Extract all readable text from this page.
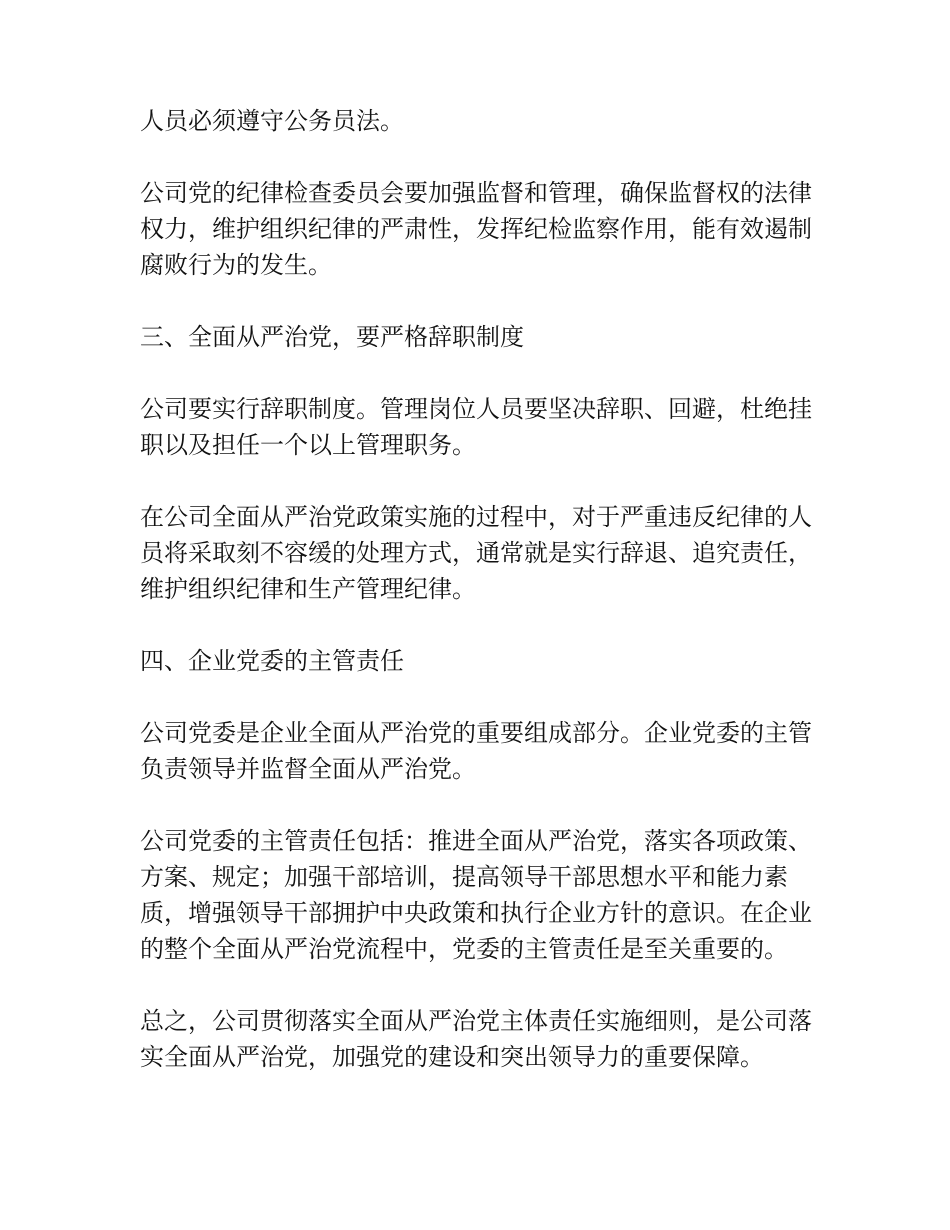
人员必须遵守公务员法。

公司党的纪律检查委员会要加强监督和管理，确保监督权的法律权力，维护组织纪律的严肃性，发挥纪检监察作用，能有效遏制腐败行为的发生。

三、全面从严治党，要严格辞职制度

公司要实行辞职制度。管理岗位人员要坚决辞职、回避，杜绝挂职以及担任一个以上管理职务。

在公司全面从严治党政策实施的过程中，对于严重违反纪律的人员将采取刻不容缓的处理方式，通常就是实行辞退、追究责任，维护组织纪律和生产管理纪律。

四、企业党委的主管责任

公司党委是企业全面从严治党的重要组成部分。企业党委的主管负责领导并监督全面从严治党。

公司党委的主管责任包括：推进全面从严治党，落实各项政策、方案、规定；加强干部培训，提高领导干部思想水平和能力素质，增强领导干部拥护中央政策和执行企业方针的意识。在企业的整个全面从严治党流程中，党委的主管责任是至关重要的。

总之，公司贯彻落实全面从严治党主体责任实施细则，是公司落实全面从严治党，加强党的建设和突出领导力的重要保障。
